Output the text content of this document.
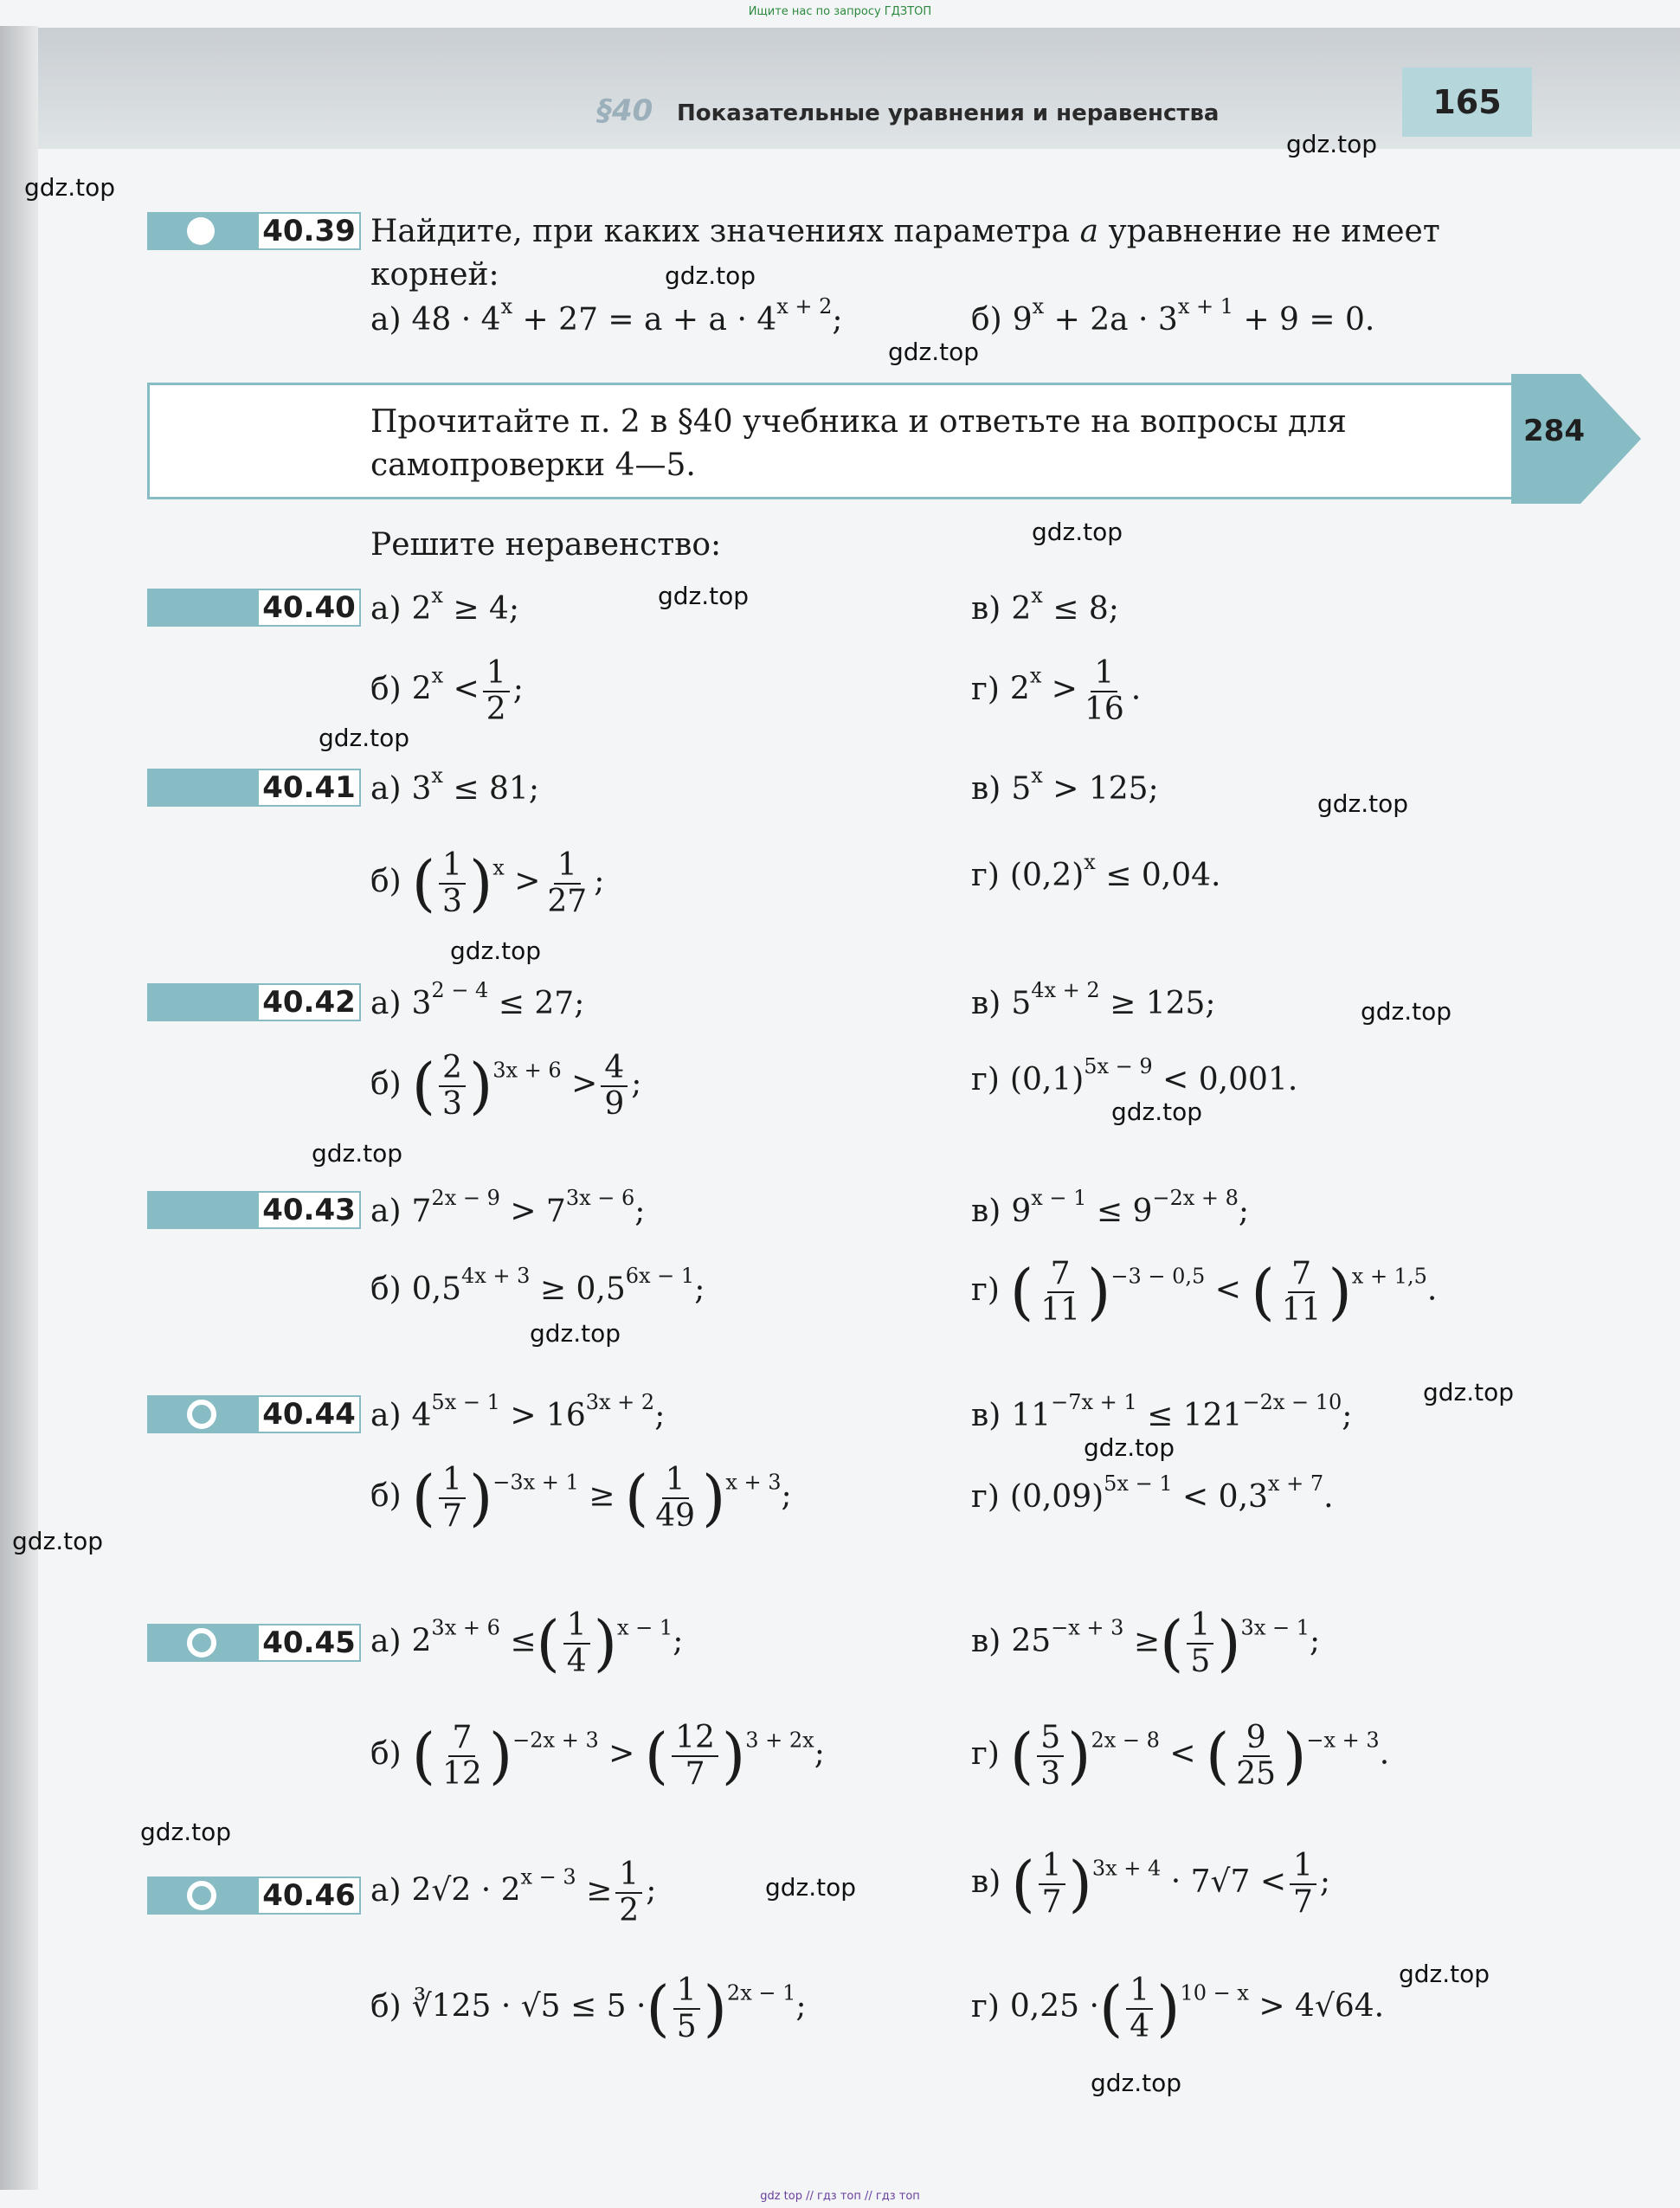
Ищите нас по запросу ГДЗТОП
§40 Показательные уравнения и неравенства	165
40.39 Найдите, при каких значениях параметра a уравнение не имеет
корней:
а) $48 \cdot 4^x + 27 = a + a \cdot 4^{x + 2}$;	б) $9^x + 2a \cdot 3^{x + 1} + 9 = 0$.
Прочитайте п. 2 в §40 учебника и ответьте на вопросы для
самопроверки 4—5.
284
Решите неравенство:
40.40 а) $2^x \ge 4$;	в) $2^x \le 8$;
б) $2^x < \frac{1}{2}$ ;	г) $2^x > \frac{1}{16}$ .
40.41 а) $3^x \le 81$;	в) $5^x > 125$;
б) ( $\frac{1}{3} )^x > \frac{1}{27}$ ;	г) $(0,2)^x \le 0,04$.
40.42 а) $3^{2 - 4} \le 27$;	в) $5^{4x + 2} \ge 125$;
б) ( $\frac{2}{3} )^{3x + 6} > \frac{4}{9}$ ;	г) $(0,1)^{5x - 9} < 0,001$.
40.43 а) $7^{2x - 9} > 7^{3x - 6}$;	в) $9^{x - 1} \le 9^{-2x + 8}$;
б) $0,5^{4x + 3} \ge 0,5^{6x - 1}$;	г) ( $\frac{7}{11} )^{-3 - 0,5}$ < ( $\frac{7}{11} )^{x + 1,5}$.
40.44 а) $4^{5x - 1} > 16^{3x + 2}$;	в) $11^{-7x + 1} \le 121^{-2x - 10}$;
б) ( $\frac{1}{7} )^{-3x + 1}$ ≥ ( $\frac{1}{49} )^{x + 3}$;	г) $(0,09)^{5x - 1} < 0,3^{x + 7}$.
40.45 а) $2^{3x + 6}$ ≤( $\frac{1}{4} )^{x - 1}$;	в) $25^{-x + 3}$ ≥( $\frac{1}{5} )^{3x - 1}$;
б) ( $\frac{7}{12} )^{-2x + 3}$ > ( $\frac{12}{7} )^{3 + 2x}$;	г) ( $\frac{5}{3} )^{2x - 8}$ < ( $\frac{9}{25} )^{-x + 3}$.
40.46 а) $2√2 \cdot 2^{x - 3} \ge \frac{1}{2}$ ;	в) ( $\frac{1}{7} )^{3x + 4} \cdot 7√7 < \frac{1}{7}$ ;
б) ∛125 · √5 ≤ 5 ·( $\frac{1}{5} )^{2x - 1}$;	г) 0,25 ·( $\frac{1}{4} )^{10 - x} > 4√64$.
gdz.top
gdz.top
gdz.top
gdz.top
gdz.top
gdz.top
gdz.top
gdz.top
gdz.top
gdz.top
gdz.top
gdz.top
gdz.top
gdz.top
gdz.top
gdz.top
gdz.top
gdz.top
gdz.top
gdz.top
gdz top // гдз топ // гдз топ
